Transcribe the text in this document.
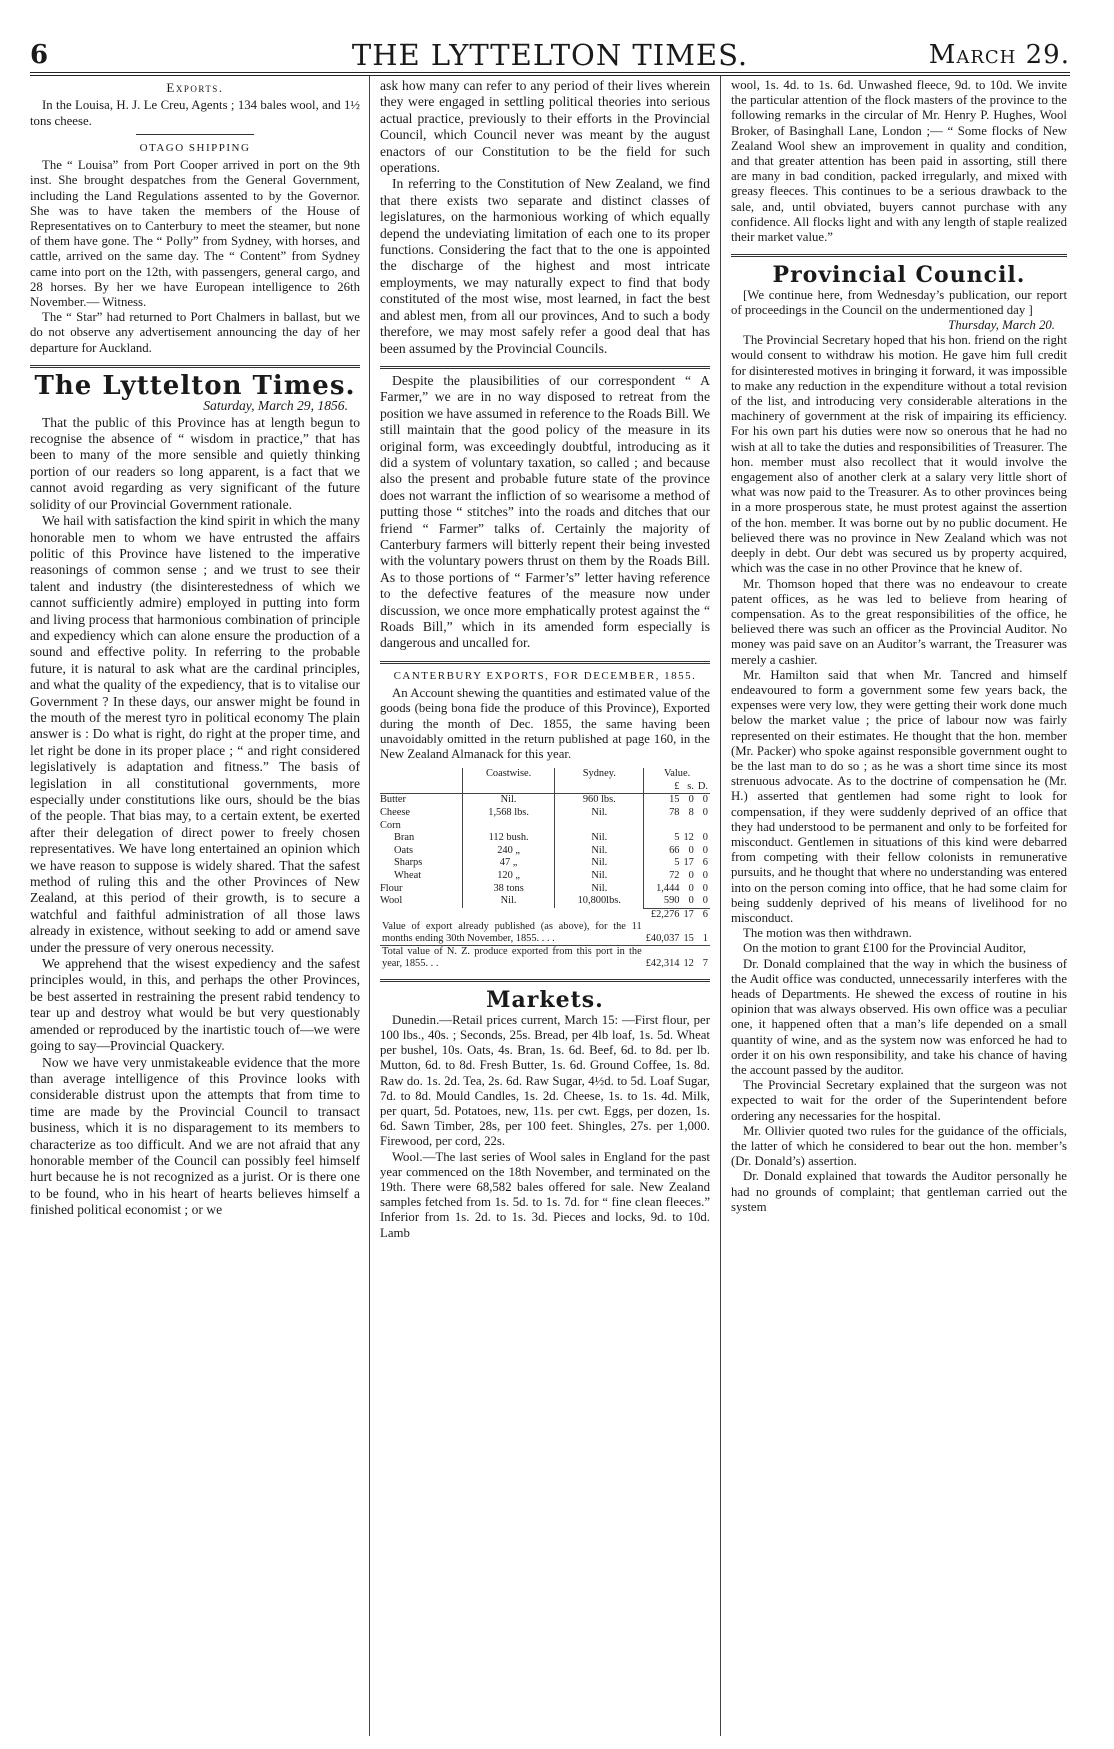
6	THE LYTTELTON TIMES.	March 29.
Exports.

In the Louisa, H. J. Le Creu, Agents ; 134 bales wool, and 1½ tons cheese.

OTAGO SHIPPING

The “ Louisa” from Port Cooper arrived in port on the 9th inst. She brought despatches from the General Government, including the Land Regulations assented to by the Governor. She was to have taken the members of the House of Representatives on to Canterbury to meet the steamer, but none of them have gone. The “ Polly” from Sydney, with horses, and cattle, arrived on the same day. The “ Content” from Sydney came into port on the 12th, with passengers, general cargo, and 28 horses. By her we have European intelligence to 26th November.— Witness.

The “ Star” had returned to Port Chalmers in ballast, but we do not observe any advertisement announcing the day of her departure for Auckland.

The Lyttelton Times.
Saturday, March 29, 1856.

That the public of this Province has at length begun to recognise the absence of “ wisdom in practice,” that has been to many of the more sensible and quietly thinking portion of our readers so long apparent, is a fact that we cannot avoid regarding as very significant of the future solidity of our Provincial Government rationale.

We hail with satisfaction the kind spirit in which the many honorable men to whom we have entrusted the affairs politic of this Province have listened to the imperative reasonings of common sense ; and we trust to see their talent and industry (the disinterestedness of which we cannot sufficiently admire) employed in putting into form and living process that harmonious combination of principle and expediency which can alone ensure the production of a sound and effective polity. In referring to the probable future, it is natural to ask what are the cardinal principles, and what the quality of the expediency, that is to vitalise our Government ? In these days, our answer might be found in the mouth of the merest tyro in political economy The plain answer is : Do what is right, do right at the proper time, and let right be done in its proper place ; “ and right considered legislatively is adaptation and fitness.” The basis of legislation in all constitutional governments, more especially under constitutions like ours, should be the bias of the people. That bias may, to a certain extent, be exerted after their delegation of direct power to freely chosen representatives. We have long entertained an opinion which we have reason to suppose is widely shared. That the safest method of ruling this and the other Provinces of New Zealand, at this period of their growth, is to secure a watchful and faithful administration of all those laws already in existence, without seeking to add or amend save under the pressure of very onerous necessity.

We apprehend that the wisest expediency and the safest principles would, in this, and perhaps the other Provinces, be best asserted in restraining the present rabid tendency to tear up and destroy what would be but very questionably amended or reproduced by the inartistic touch of—we were going to say—Provincial Quackery.

Now we have very unmistakeable evidence that the more than average intelligence of this Province looks with considerable distrust upon the attempts that from time to time are made by the Provincial Council to transact business, which it is no disparagement to its members to characterize as too difficult. And we are not afraid that any honorable member of the Council can possibly feel himself hurt because he is not recognized as a jurist. Or is there one to be found, who in his heart of hearts believes himself a finished political economist ; or we

ask how many can refer to any period of their lives wherein they were engaged in settling political theories into serious actual practice, previously to their efforts in the Provincial Council, which Council never was meant by the august enactors of our Constitution to be the field for such operations.

In referring to the Constitution of New Zealand, we find that there exists two separate and distinct classes of legislatures, on the harmonious working of which equally depend the undeviating limitation of each one to its proper functions. Considering the fact that to the one is appointed the discharge of the highest and most intricate employments, we may naturally expect to find that body constituted of the most wise, most learned, in fact the best and ablest men, from all our provinces, And to such a body therefore, we may most safely refer a good deal that has been assumed by the Provincial Councils.

Despite the plausibilities of our correspondent “ A Farmer,” we are in no way disposed to retreat from the position we have assumed in reference to the Roads Bill. We still maintain that the good policy of the measure in its original form, was exceedingly doubtful, introducing as it did a system of voluntary taxation, so called ; and because also the present and probable future state of the province does not warrant the infliction of so wearisome a method of putting those “ stitches” into the roads and ditches that our friend “ Farmer” talks of. Certainly the majority of Canterbury farmers will bitterly repent their being invested with the voluntary powers thrust on them by the Roads Bill. As to those portions of “ Farmer’s” letter having reference to the defective features of the measure now under discussion, we once more emphatically protest against the “ Roads Bill,” which in its amended form especially is dangerous and uncalled for.

CANTERBURY EXPORTS, FOR DECEMBER, 1855.

An Account shewing the quantities and estimated value of the goods (being bona fide the produce of this Province), Exported during the month of Dec. 1855, the same having been unavoidably omitted in the return published at page 160, in the New Zealand Almanack for this year.

	Coastwise.	Sydney.	Value.		
			£	s.	D.
Butter	Nil.	960 lbs.	15	0	0
Cheese	1,568 lbs.	Nil.	78	8	0
Corn					
Bran	112 bush.	Nil.	5	12	0
Oats	240 „	Nil.	66	0	0
Sharps	47 „	Nil.	5	17	6
Wheat	120 „	Nil.	72	0	0
Flour	38 tons	Nil.	1,444	0	0
Wool	Nil.	10,800lbs.	590	0	0
			£2,276	17	6
Value of export already published (as above), for the 11 months ending 30th November, 1855. . . .			£40,037	15	1
Total value of N. Z. produce exported from this port in the year, 1855. . .			£42,314	12	7
Markets.

Dunedin.—Retail prices current, March 15: —First flour, per 100 lbs., 40s. ; Seconds, 25s. Bread, per 4lb loaf, 1s. 5d. Wheat per bushel, 10s. Oats, 4s. Bran, 1s. 6d. Beef, 6d. to 8d. per lb. Mutton, 6d. to 8d. Fresh Butter, 1s. 6d. Ground Coffee, 1s. 8d. Raw do. 1s. 2d. Tea, 2s. 6d. Raw Sugar, 4½d. to 5d. Loaf Sugar, 7d. to 8d. Mould Candles, 1s. 2d. Cheese, 1s. to 1s. 4d. Milk, per quart, 5d. Potatoes, new, 11s. per cwt. Eggs, per dozen, 1s. 6d. Sawn Timber, 28s, per 100 feet. Shingles, 27s. per 1,000. Firewood, per cord, 22s.

Wool.—The last series of Wool sales in England for the past year commenced on the 18th November, and terminated on the 19th. There were 68,582 bales offered for sale. New Zealand samples fetched from 1s. 5d. to 1s. 7d. for “ fine clean fleeces.” Inferior from 1s. 2d. to 1s. 3d. Pieces and locks, 9d. to 10d. Lamb

wool, 1s. 4d. to 1s. 6d. Unwashed fleece, 9d. to 10d. We invite the particular attention of the flock masters of the province to the following remarks in the circular of Mr. Henry P. Hughes, Wool Broker, of Basinghall Lane, London ;— “ Some flocks of New Zealand Wool shew an improvement in quality and condition, and that greater attention has been paid in assorting, still there are many in bad condition, packed irregularly, and mixed with greasy fleeces. This continues to be a serious drawback to the sale, and, until obviated, buyers cannot purchase with any confidence. All flocks light and with any length of staple realized their market value.”

Provincial Council.

[We continue here, from Wednesday’s publication, our report of proceedings in the Council on the undermentioned day ]

Thursday, March 20.

The Provincial Secretary hoped that his hon. friend on the right would consent to withdraw his motion. He gave him full credit for disinterested motives in bringing it forward, it was impossible to make any reduction in the expenditure without a total revision of the list, and introducing very considerable alterations in the machinery of government at the risk of impairing its efficiency. For his own part his duties were now so onerous that he had no wish at all to take the duties and responsibilities of Treasurer. The hon. member must also recollect that it would involve the engagement also of another clerk at a salary very little short of what was now paid to the Treasurer. As to other provinces being in a more prosperous state, he must protest against the assertion of the hon. member. It was borne out by no public document. He believed there was no province in New Zealand which was not deeply in debt. Our debt was secured us by property acquired, which was the case in no other Province that he knew of.

Mr. Thomson hoped that there was no endeavour to create patent offices, as he was led to believe from hearing of compensation. As to the great responsibilities of the office, he believed there was such an officer as the Provincial Auditor. No money was paid save on an Auditor’s warrant, the Treasurer was merely a cashier.

Mr. Hamilton said that when Mr. Tancred and himself endeavoured to form a government some few years back, the expenses were very low, they were getting their work done much below the market value ; the price of labour now was fairly represented on their estimates. He thought that the hon. member (Mr. Packer) who spoke against responsible government ought to be the last man to do so ; as he was a short time since its most strenuous advocate. As to the doctrine of compensation he (Mr. H.) asserted that gentlemen had some right to look for compensation, if they were suddenly deprived of an office that they had understood to be permanent and only to be forfeited for misconduct. Gentlemen in situations of this kind were debarred from competing with their fellow colonists in remunerative pursuits, and he thought that where no understanding was entered into on the person coming into office, that he had some claim for being suddenly deprived of his means of livelihood for no misconduct.

The motion was then withdrawn.

On the motion to grant £100 for the Provincial Auditor,

Dr. Donald complained that the way in which the business of the Audit office was conducted, unnecessarily interferes with the heads of Departments. He shewed the excess of routine in his opinion that was always observed. His own office was a peculiar one, it happened often that a man’s life depended on a small quantity of wine, and as the system now was enforced he had to order it on his own responsibility, and take his chance of having the account passed by the auditor.

The Provincial Secretary explained that the surgeon was not expected to wait for the order of the Superintendent before ordering any necessaries for the hospital.

Mr. Ollivier quoted two rules for the guidance of the officials, the latter of which he considered to bear out the hon. member’s (Dr. Donald’s) assertion.

Dr. Donald explained that towards the Auditor personally he had no grounds of complaint; that gentleman carried out the system
